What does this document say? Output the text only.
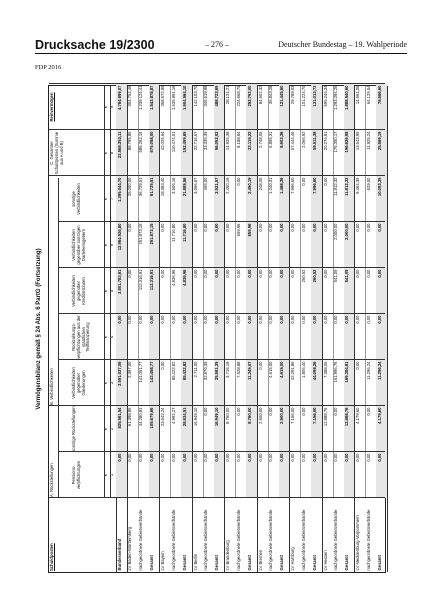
Drucksache 19/2300	– 276 –	Deutscher Bundestag – 19. Wahlperiode
FDP 2016
Vermögensbilanz gemäß § 24 Abs. 6 PartG (Fortsetzung)
Schuldposten
A. Rückstellungen
B. Verbindlichkeiten
C. Gesamter Schuldposten (Summe aus A und B)
Reinvermögen
Pensions-verpflichtungen
sonstige Rückstellungen
Verbindlichkeiten gegenüber Gliederungen
Rückzahlungs-verpflichtungen aus der staatlichen Teilfinanzierung
Verbindlichkeiten gegenüber Kreditinstituten
Verbindlichkeiten gegenüber sonstigen Darlehensgebern
sonstige Verbindlichkeiten
€ 1
€ 2
€ 3
€ 4
€ 5
€ 6
€ 7
€ 8
€ 9
Bundesverband
0,00
825.561,54
3.591.037,06
0,00
3.801.783,61
12.964.926,80
1.395.044,70
22.568.353,11
4.764.699,07
LV Baden-Württemberg
0,00
61.398,85
2.397,00
0,00
0,00
0,00
25.000,00
88.795,85
304.754,46
nachgeordnete Gebietsverbände
0,00
44.280,81
141.061,77
0,00
112.316,91
251.873,15
36.729,51
586.262,15
1.239.124,41
Gesamt
0,00
105.679,66
143.458,77
0,00
112.316,91
251.873,15
61.729,51
675.058,00
1.543.878,87
LV Bayern
0,00
23.642,24
0,00
0,00
0,00
0,00
18.383,40
42.025,64
368.572,95
nachgeordnete Gebietsverbände
0,00
4.992,27
85.422,82
0,00
4.836,96
11.716,80
3.506,16
110.474,01
1.535.991,15
Gesamt
0,00
28.634,51
85.422,82
0,00
4.836,96
11.716,80
21.889,56
152.499,65
1.904.564,10
LV Berlin
0,00
16.949,10
2.711,00
0,00
0,00
0,00
3.056,57
22.716,67
142.103,70
nachgeordnete Gebietsverbände
0,00
0,00
32.870,35
0,00
0,00
0,00
465,00
33.335,35
346.619,99
Gesamt
0,00
16.949,10
35.581,35
0,00
0,00
0,00
3.521,57
56.052,02
488.723,69
LV Brandenburg
0,00
8.760,00
3.716,19
0,00
0,00
0,00
2.450,19
14.926,38
28.124,21
nachgeordnete Gebietsverbände
0,00
0,00
7.528,88
0,00
0,00
659,96
0,00
8.188,84
224.668,75
Gesamt
0,00
8.760,00
11.245,07
0,00
0,00
659,96
2.450,19
23.115,22
252.793,00
LV Bremen
0,00
2.500,00
0,00
0,00
0,00
0,00
248,05
2.748,05
84.602,32
nachgeordnete Gebietsverbände
0,00
0,00
4.615,00
0,00
0,00
0,00
1.240,31
5.855,31
36.843,28
Gesamt
0,00
2.500,00
4.615,00
0,00
0,00
0,00
1.488,36
8.603,36
121.445,60
LV Hamburg
0,00
7.156,00
42.291,86
0,00
0,00
0,00
7.996,60
57.444,46
29.789,03
nachgeordnete Gebietsverbände
0,00
0,00
1.806,40
0,00
260,52
0,00
0,00
2.066,92
101.224,70
Gesamt
0,00
7.156,00
44.098,26
0,00
260,52
0,00
7.996,60
59.511,38
131.013,73
LV Hessen
0,00
12.888,76
7.388,05
0,00
0,00
0,00
0,00
20.276,81
595.246,34
nachgeordnete Gebietsverbände
0,00
0,00
161.996,76
0,00
541,09
2.000,00
11.812,32
176.350,17
1.293.294,26
Gesamt
0,00
12.888,76
169.384,81
0,00
541,09
2.000,00
11.812,32
196.626,98
1.888.540,60
LV Mecklenburg-Vorpommern
0,00
4.179,60
0,00
0,00
0,00
0,00
9.464,35
13.643,95
14.561,06
nachgeordnete Gebietsverbände
0,00
0,00
11.296,24
0,00
0,00
0,00
629,00
11.925,24
64.125,54
Gesamt
0,00
4.179,60
11.296,24
0,00
0,00
0,00
10.093,35
25.569,19
78.686,60
